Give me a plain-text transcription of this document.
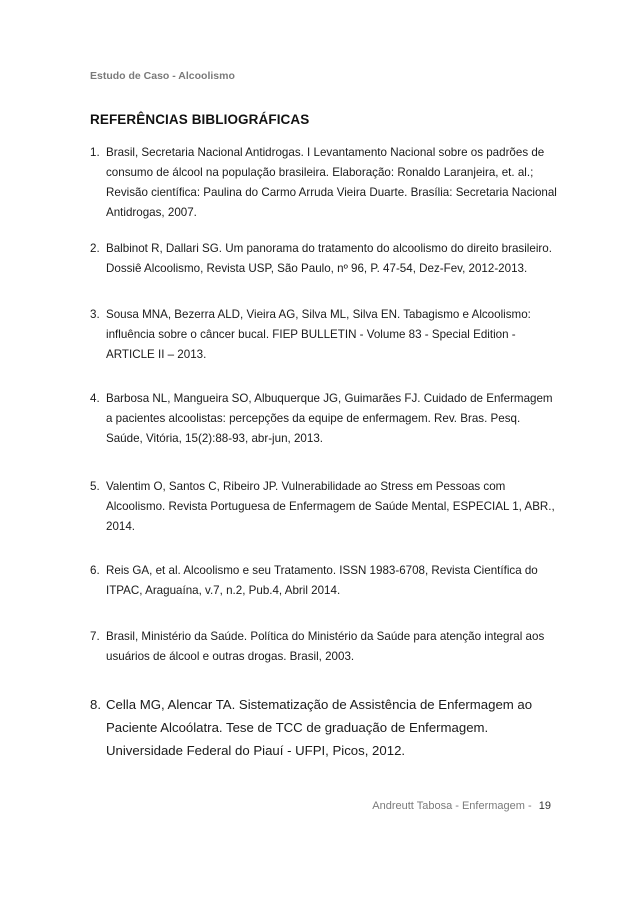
Estudo de Caso - Alcoolismo
REFERÊNCIAS BIBLIOGRÁFICAS
1. Brasil, Secretaria Nacional Antidrogas. I Levantamento Nacional sobre os padrões de consumo de álcool na população brasileira. Elaboração: Ronaldo Laranjeira, et. al.; Revisão científica: Paulina do Carmo Arruda Vieira Duarte. Brasília: Secretaria Nacional Antidrogas, 2007.
2. Balbinot R, Dallari SG. Um panorama do tratamento do alcoolismo do direito brasileiro. Dossiê Alcoolismo, Revista USP, São Paulo, nº 96, P. 47-54, Dez-Fev, 2012-2013.
3. Sousa MNA, Bezerra ALD, Vieira AG, Silva ML, Silva EN. Tabagismo e Alcoolismo: influência sobre o câncer bucal. FIEP BULLETIN - Volume 83 - Special Edition - ARTICLE II – 2013.
4. Barbosa NL, Mangueira SO, Albuquerque JG, Guimarães FJ. Cuidado de Enfermagem a pacientes alcoolistas: percepções da equipe de enfermagem. Rev. Bras. Pesq. Saúde, Vitória, 15(2):88-93, abr-jun, 2013.
5. Valentim O, Santos C, Ribeiro JP. Vulnerabilidade ao Stress em Pessoas com Alcoolismo. Revista Portuguesa de Enfermagem de Saúde Mental, ESPECIAL 1, ABR., 2014.
6. Reis GA, et al. Alcoolismo e seu Tratamento. ISSN 1983-6708, Revista Científica do ITPAC, Araguaína, v.7, n.2, Pub.4, Abril 2014.
7. Brasil, Ministério da Saúde. Política do Ministério da Saúde para atenção integral aos usuários de álcool e outras drogas. Brasil, 2003.
8. Cella MG, Alencar TA. Sistematização de Assistência de Enfermagem ao Paciente Alcoólatra. Tese de TCC de graduação de Enfermagem. Universidade Federal do Piauí - UFPI, Picos, 2012.
Andreutt Tabosa - Enfermagem - 19
